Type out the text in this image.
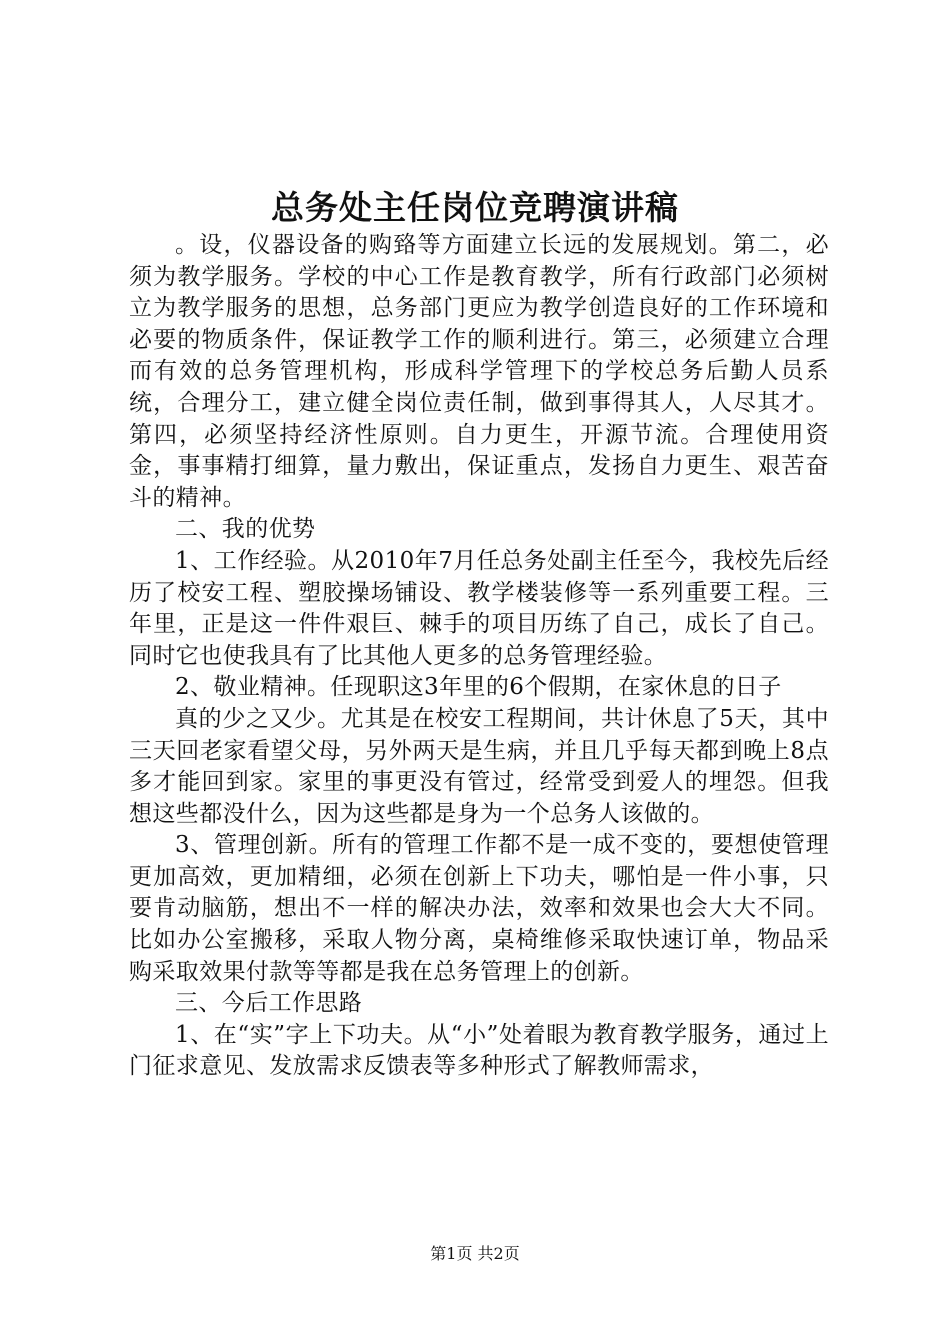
总务处主任岗位竞聘演讲稿

。设，仪器设备的购臵等方面建立长远的发展规划。第二，必须为教学服务。学校的中心工作是教育教学，所有行政部门必须树立为教学服务的思想，总务部门更应为教学创造良好的工作环境和必要的物质条件，保证教学工作的顺利进行。第三，必须建立合理而有效的总务管理机构，形成科学管理下的学校总务后勤人员系统，合理分工，建立健全岗位责任制，做到事得其人，人尽其才。第四，必须坚持经济性原则。自力更生，开源节流。合理使用资金，事事精打细算，量力敷出，保证重点，发扬自力更生、艰苦奋斗的精神。

二、我的优势

1、工作经验。从2010年7月任总务处副主任至今，我校先后经历了校安工程、塑胶操场铺设、教学楼装修等一系列重要工程。三年里，正是这一件件艰巨、棘手的项目历练了自己，成长了自己。同时它也使我具有了比其他人更多的总务管理经验。

2、敬业精神。任现职这3年里的6个假期，在家休息的日子

真的少之又少。尤其是在校安工程期间，共计休息了5天，其中三天回老家看望父母，另外两天是生病，并且几乎每天都到晚上8点多才能回到家。家里的事更没有管过，经常受到爱人的埋怨。但我想这些都没什么，因为这些都是身为一个总务人该做的。

3、管理创新。所有的管理工作都不是一成不变的，要想使管理更加高效，更加精细，必须在创新上下功夫，哪怕是一件小事，只要肯动脑筋，想出不一样的解决办法，效率和效果也会大大不同。比如办公室搬移，采取人物分离，桌椅维修采取快速订单，物品采购采取效果付款等等都是我在总务管理上的创新。

三、今后工作思路

1、在“实”字上下功夫。从“小”处着眼为教育教学服务，通过上门征求意见、发放需求反馈表等多种形式了解教师需求，

第1页 共2页
